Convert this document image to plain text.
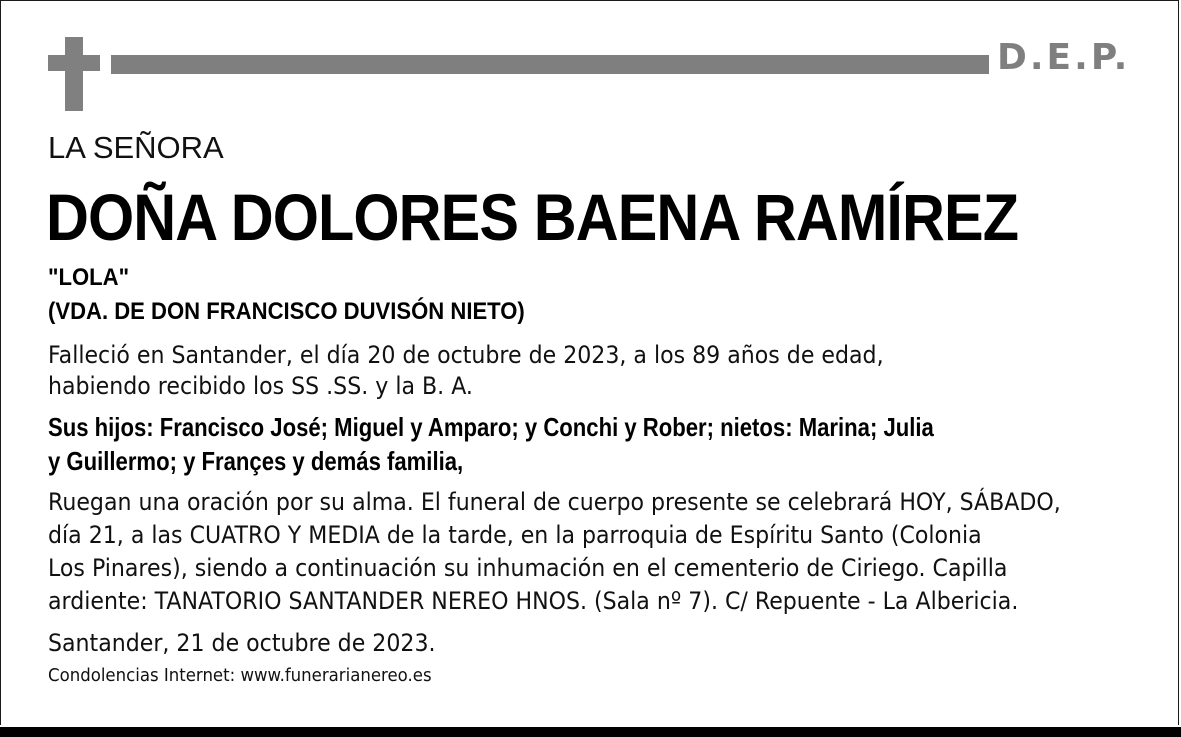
D.E.P.
LA SEÑORA
DOÑA DOLORES BAENA RAMÍREZ
"LOLA"
(VDA. DE DON FRANCISCO DUVISÓN NIETO)
Falleció en Santander, el día 20 de octubre de 2023, a los 89 años de edad,
habiendo recibido los SS .SS. y la B. A.
Sus hijos: Francisco José; Miguel y Amparo; y Conchi y Rober; nietos: Marina; Julia
y Guillermo; y Françes y demás familia,
Ruegan una oración por su alma. El funeral de cuerpo presente se celebrará HOY, SÁBADO,
día 21, a las CUATRO Y MEDIA de la tarde, en la parroquia de Espíritu Santo (Colonia
Los Pinares), siendo a continuación su inhumación en el cementerio de Ciriego. Capilla
ardiente: TANATORIO SANTANDER NEREO HNOS. (Sala nº 7). C/ Repuente - La Albericia.
Santander, 21 de octubre de 2023.
Condolencias Internet: www.funerarianereo.es
